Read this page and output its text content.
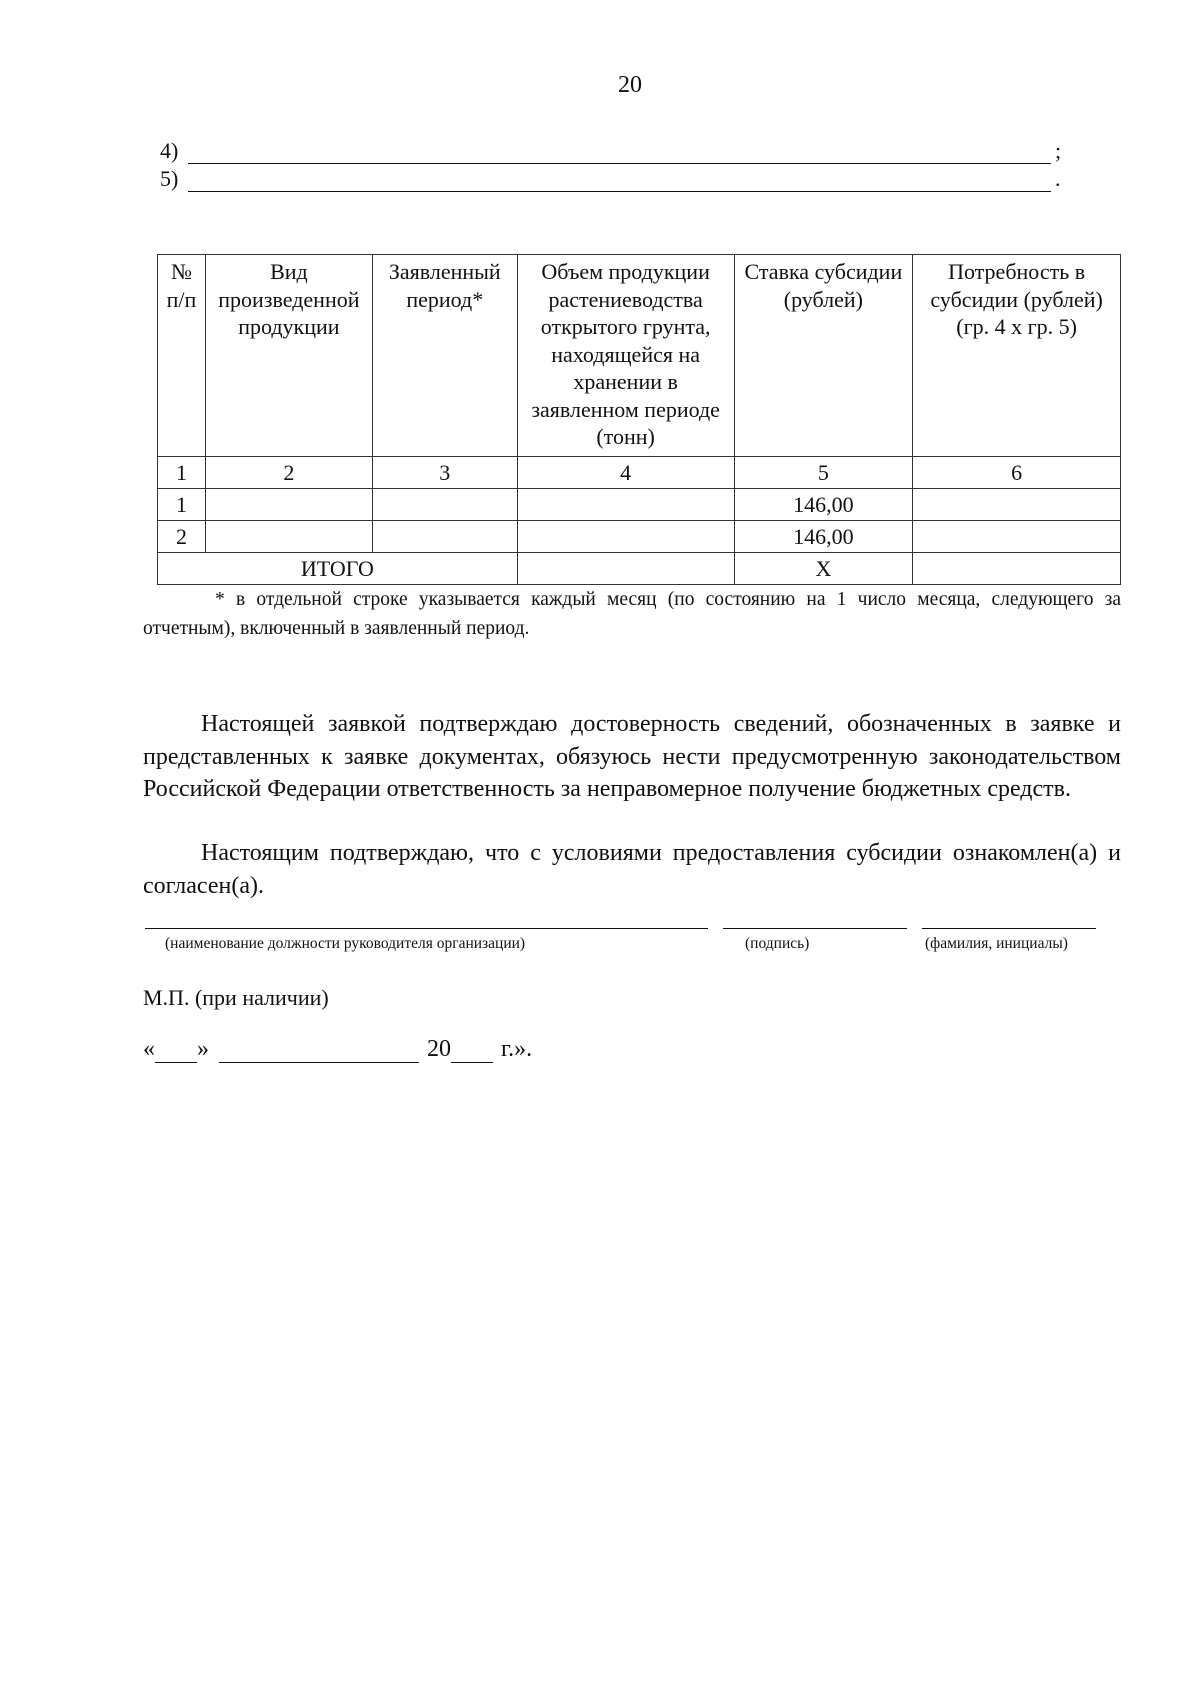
20
4)	;
5)	.
№ п/п	Вид произведенной продукции	Заявленный период*	Объем продукции растениеводства открытого грунта, находящейся на хранении в заявленном периоде (тонн)	Ставка субсидии (рублей)	Потребность в субсидии (рублей) (гр. 4 х гр. 5)
1	2	3	4	5	6
1				146,00	
2				146,00	
ИТОГО				Х	
* в отдельной строке указывается каждый месяц (по состоянию на 1 число месяца, следующего за отчетным), включенный в заявленный период.
Настоящей заявкой подтверждаю достоверность сведений, обозначенных в заявке и представленных к заявке документах, обязуюсь нести предусмотренную законодательством Российской Федерации ответственность за неправомерное получение бюджетных средств.
Настоящим подтверждаю, что с условиями предоставления субсидии ознакомлен(а) и согласен(а).
(наименование должности руководителя организации)	(подпись)	(фамилия, инициалы)
М.П. (при наличии)
« »	20 г.».
